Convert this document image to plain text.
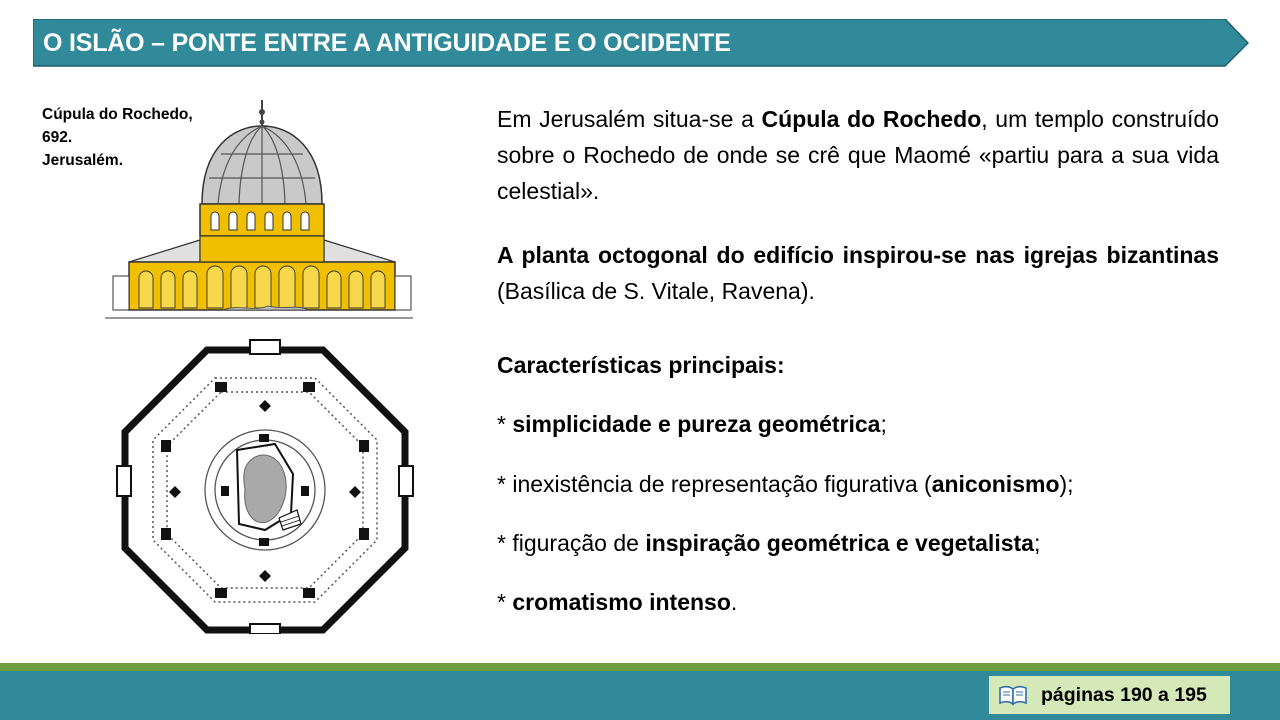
O ISLÃO – PONTE ENTRE A ANTIGUIDADE E O OCIDENTE
Cúpula do Rochedo,
692.
Jerusalém.
Em Jerusalém situa-se a Cúpula do Rochedo, um templo construído sobre o Rochedo de onde se crê que Maomé «partiu para a sua vida celestial».
A planta octogonal do edifício inspirou-se nas igrejas bizantinas (Basílica de S. Vitale, Ravena).
Características principais:
* simplicidade e pureza geométrica;
* inexistência de representação figurativa (aniconismo);
* figuração de inspiração geométrica e vegetalista;
* cromatismo intenso.
páginas 190 a 195
